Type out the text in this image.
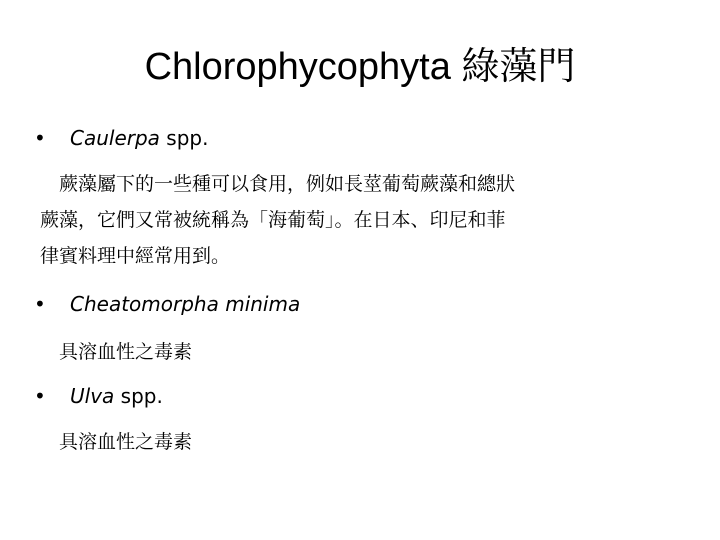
Chlorophycophyta 綠藻門
• Caulerpa spp.
蕨藻屬下的一些種可以食用，例如長莖葡萄蕨藻和總狀
蕨藻，它們又常被統稱為「海葡萄」。在日本、印尼和菲
律賓料理中經常用到。
• Cheatomorpha minima
具溶血性之毒素
• Ulva spp.
具溶血性之毒素
